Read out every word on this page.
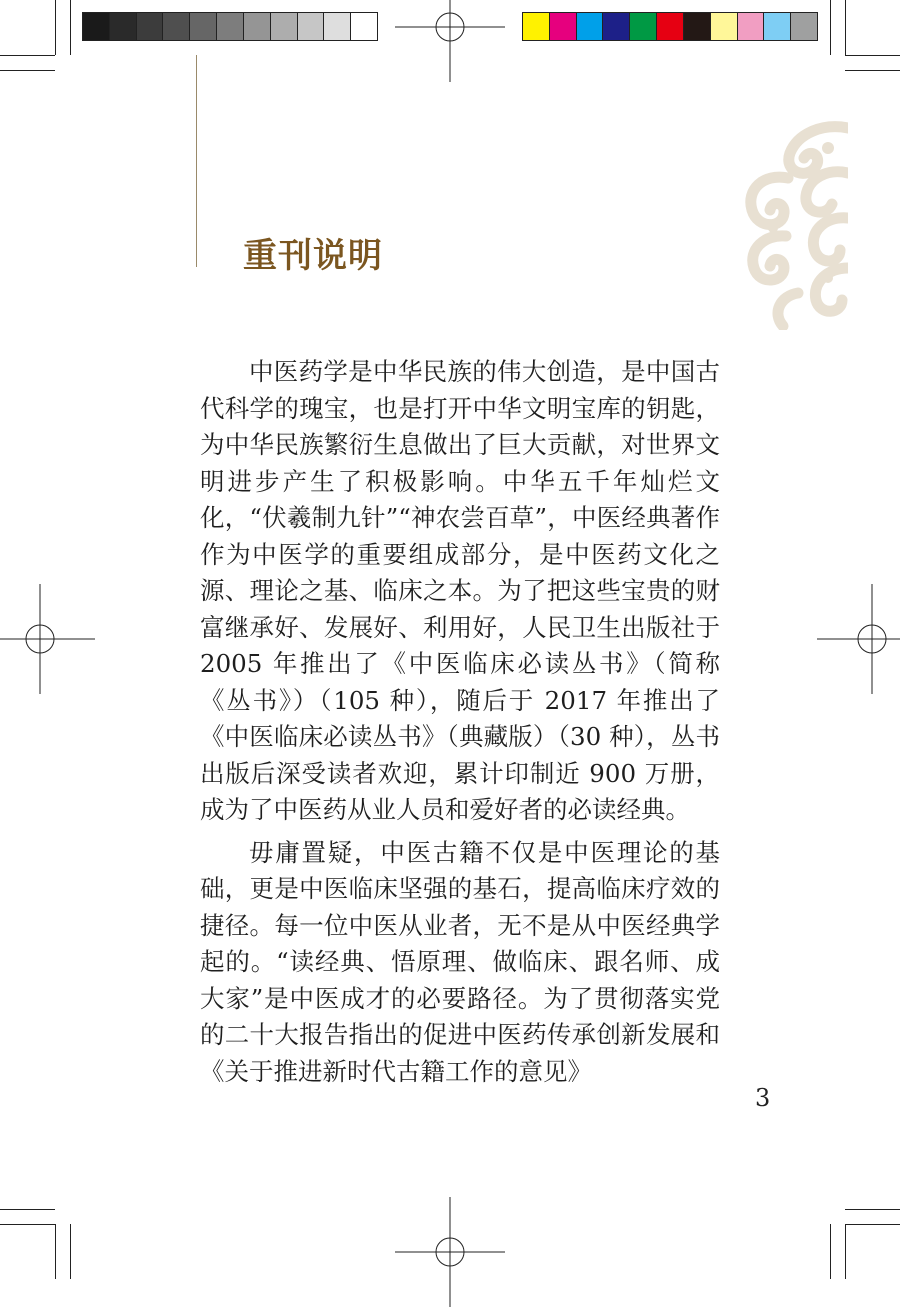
重刊说明

中医药学是中华民族的伟大创造，是中国古代科学的瑰宝，也是打开中华文明宝库的钥匙，为中华民族繁衍生息做出了巨大贡献，对世界文明进步产生了积极影响。中华五千年灿烂文化，“伏羲制九针”“神农尝百草”，中医经典著作作为中医学的重要组成部分，是中医药文化之源、理论之基、临床之本。为了把这些宝贵的财富继承好、发展好、利用好，人民卫生出版社于 2005 年推出了《中医临床必读丛书》（简称《丛书》）（105 种），随后于 2017 年推出了《中医临床必读丛书》（典藏版）（30 种），丛书出版后深受读者欢迎，累计印制近 900 万册，成为了中医药从业人员和爱好者的必读经典。

毋庸置疑，中医古籍不仅是中医理论的基础，更是中医临床坚强的基石，提高临床疗效的捷径。每一位中医从业者，无不是从中医经典学起的。“读经典、悟原理、做临床、跟名师、成大家”是中医成才的必要路径。为了贯彻落实党的二十大报告指出的促进中医药传承创新发展和《关于推进新时代古籍工作的意见》

3
